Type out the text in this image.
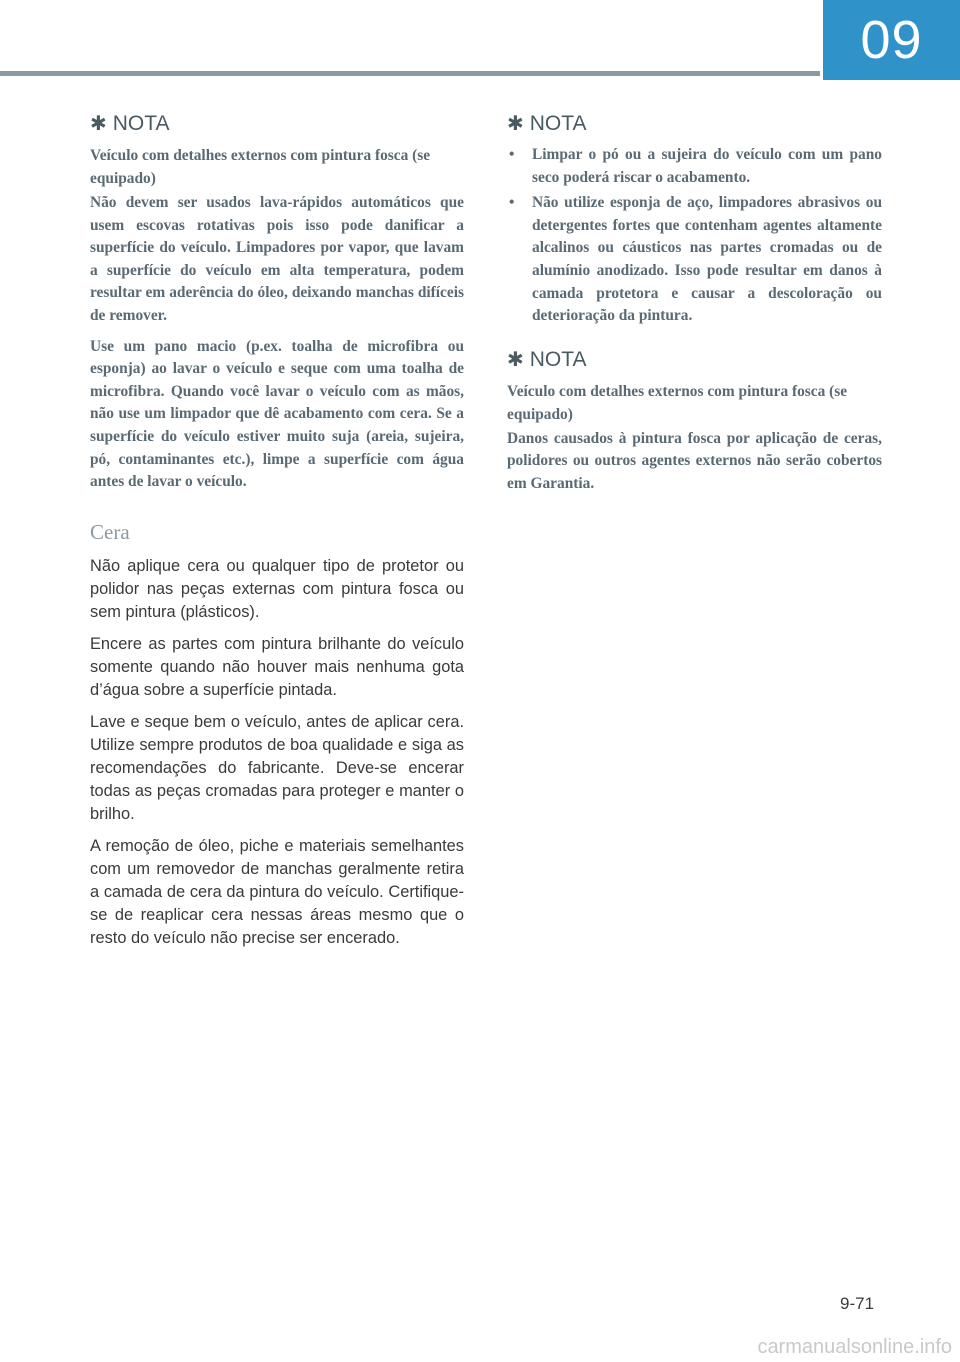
09
✱ NOTA

Veículo com detalhes externos com pintura fosca (se equipado)

Não devem ser usados lava-rápidos automáticos que usem escovas rotativas pois isso pode danificar a superfície do veículo. Limpadores por vapor, que lavam a superfície do veículo em alta temperatura, podem resultar em aderência do óleo, deixando manchas difíceis de remover.

Use um pano macio (p.ex. toalha de microfibra ou esponja) ao lavar o veículo e seque com uma toalha de microfibra. Quando você lavar o veículo com as mãos, não use um limpador que dê acabamento com cera. Se a superfície do veículo estiver muito suja (areia, sujeira, pó, contaminantes etc.), limpe a superfície com água antes de lavar o veículo.

Cera

Não aplique cera ou qualquer tipo de protetor ou polidor nas peças externas com pintura fosca ou sem pintura (plásticos).

Encere as partes com pintura brilhante do veículo somente quando não houver mais nenhuma gota d’água sobre a superfície pintada.

Lave e seque bem o veículo, antes de aplicar cera. Utilize sempre produtos de boa qualidade e siga as recomendações do fabricante. Deve-se encerar todas as peças cromadas para proteger e manter o brilho.

A remoção de óleo, piche e materiais semelhantes com um removedor de manchas geralmente retira a camada de cera da pintura do veículo. Certifique-se de reaplicar cera nessas áreas mesmo que o resto do veículo não precise ser encerado.

✱ NOTA
• Limpar o pó ou a sujeira do veículo com um pano seco poderá riscar o acabamento.
• Não utilize esponja de aço, limpadores abrasivos ou detergentes fortes que contenham agentes altamente alcalinos ou cáusticos nas partes cromadas ou de alumínio anodizado. Isso pode resultar em danos à camada protetora e causar a descoloração ou deterioração da pintura.
✱ NOTA

Veículo com detalhes externos com pintura fosca (se equipado)

Danos causados à pintura fosca por aplicação de ceras, polidores ou outros agentes externos não serão cobertos em Garantia.

9-71
carmanualsonline.info
